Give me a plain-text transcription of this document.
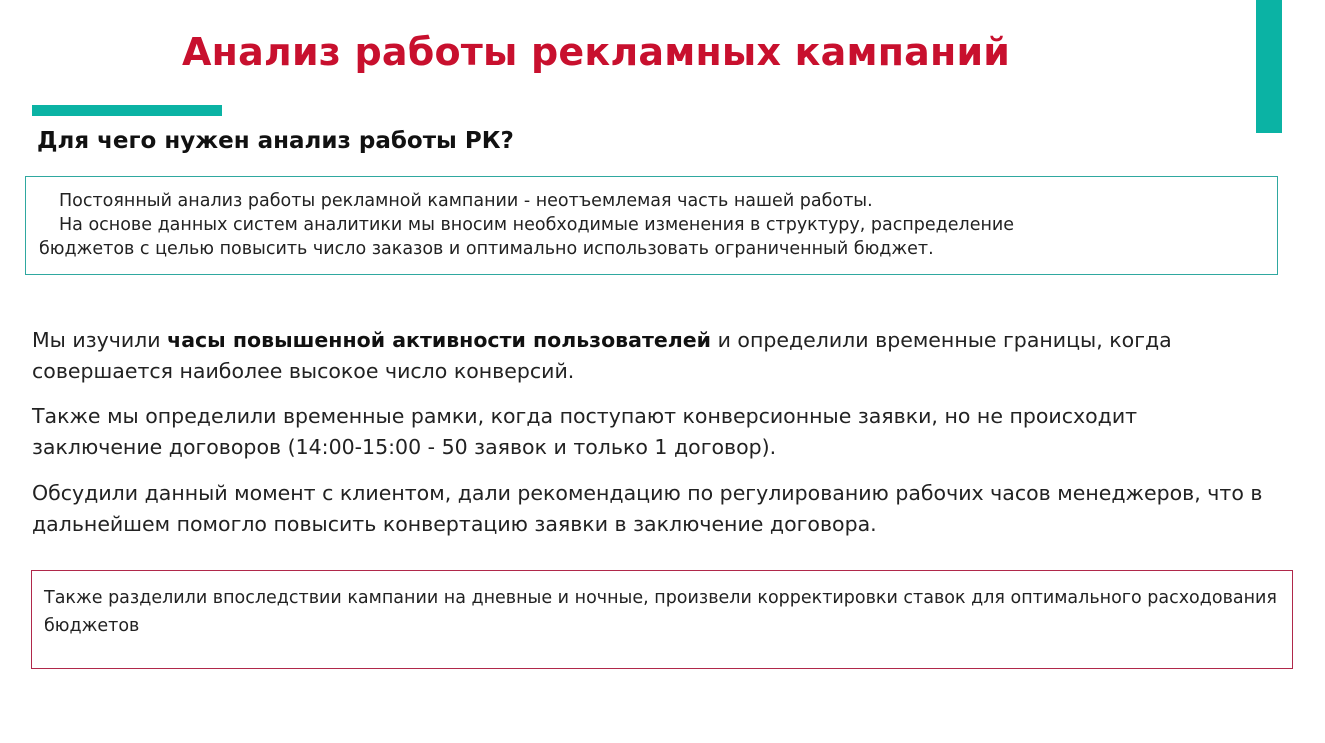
Анализ работы рекламных кампаний
Для чего нужен анализ работы РК?

Постоянный анализ работы рекламной кампании - неотъемлемая часть нашей работы.

На основе данных систем аналитики мы вносим необходимые изменения в структуру, распределение

бюджетов с целью повысить число заказов и оптимально использовать ограниченный бюджет.

Мы изучили часы повышенной активности пользователей и определили временные границы, когда совершается наиболее высокое число конверсий.

Также мы определили временные рамки, когда поступают конверсионные заявки, но не происходит заключение договоров (14:00-15:00 - 50 заявок и только 1 договор).

Обсудили данный момент с клиентом, дали рекомендацию по регулированию рабочих часов менеджеров, что в дальнейшем помогло повысить конвертацию заявки в заключение договора.

Также разделили впоследствии кампании на дневные и ночные, произвели корректировки ставок для оптимального расходования бюджетов
